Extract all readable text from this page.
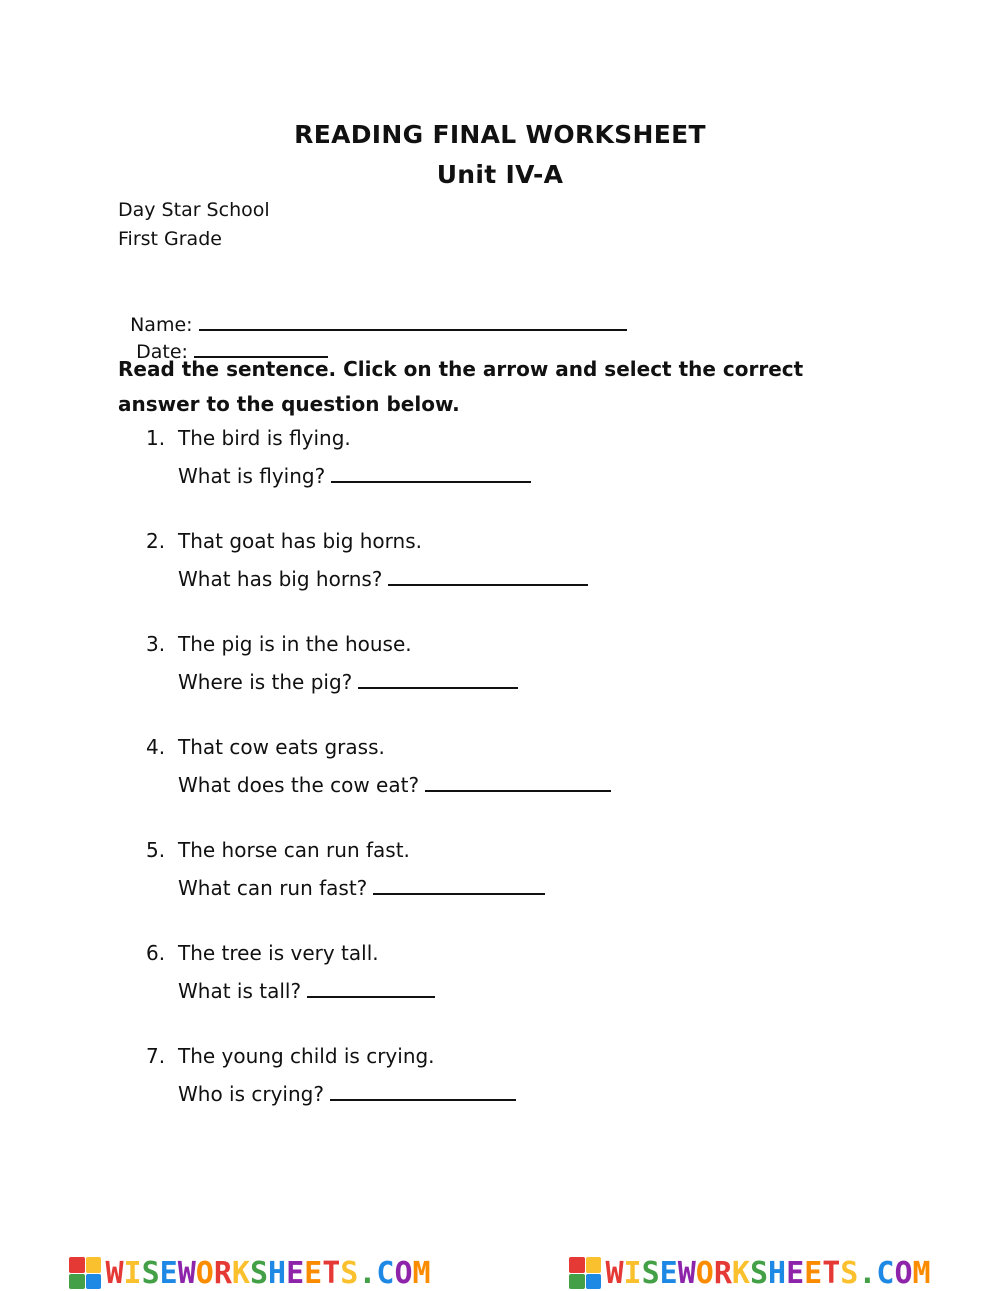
READING FINAL WORKSHEET
Unit IV-A
Day Star School
First Grade

Name:
Date:

Read the sentence. Click on the arrow and select the correct answer to the question below.
1. The bird is flying.
What is flying?
2. That goat has big horns.
What has big horns?
3. The pig is in the house.
Where is the pig?
4. That cow eats grass.
What does the cow eat?
5. The horse can run fast.
What can run fast?
6. The tree is very tall.
What is tall?
7. The young child is crying.
Who is crying?
WISEWORKSHEETS.COM	WISEWORKSHEETS.COM
